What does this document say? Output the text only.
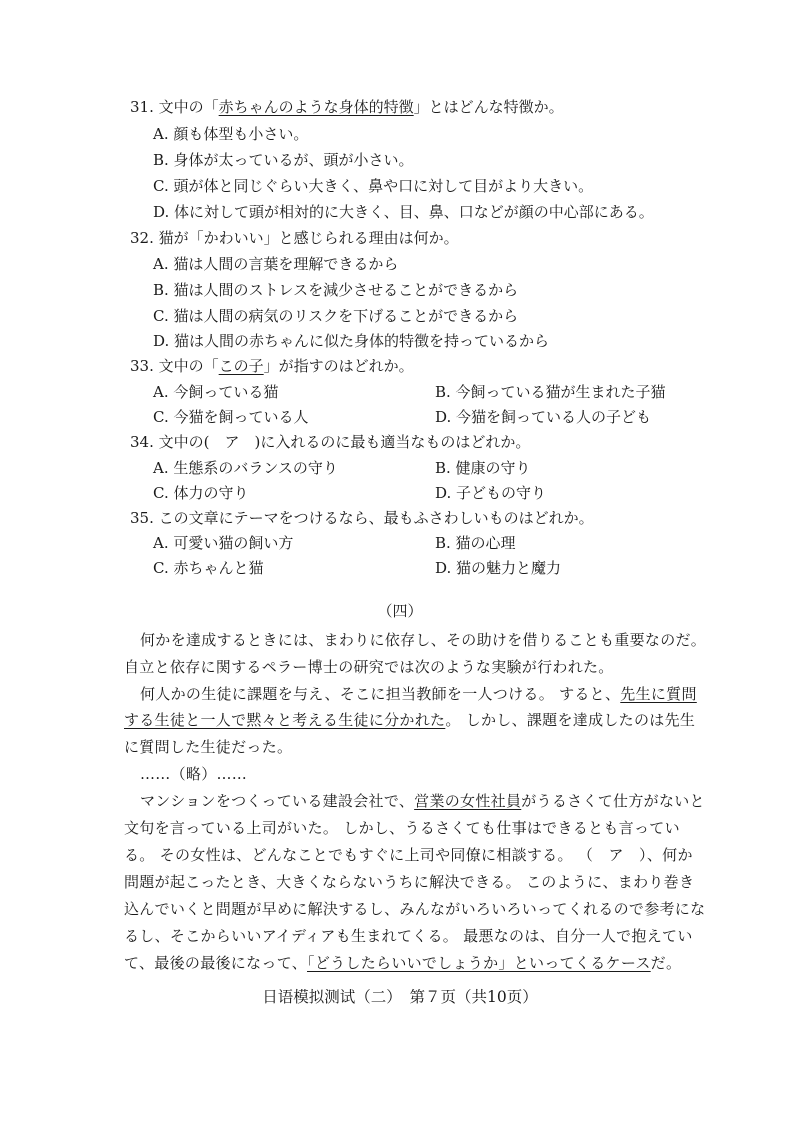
31. 文中の「赤ちゃんのような身体的特徴」とはどんな特徴か。
A. 顔も体型も小さい。
B. 身体が太っているが、頭が小さい。
C. 頭が体と同じぐらい大きく、鼻や口に対して目がより大きい。
D. 体に対して頭が相対的に大きく、目、鼻、口などが顔の中心部にある。
32. 猫が「かわいい」と感じられる理由は何か。
A. 猫は人間の言葉を理解できるから
B. 猫は人間のストレスを減少させることができるから
C. 猫は人間の病気のリスクを下げることができるから
D. 猫は人間の赤ちゃんに似た身体的特徴を持っているから
33. 文中の「この子」が指すのはどれか。
A. 今飼っている猫	B. 今飼っている猫が生まれた子猫
C. 今猫を飼っている人	D. 今猫を飼っている人の子ども
34. 文中の(　ア　)に入れるのに最も適当なものはどれか。
A. 生態系のバランスの守り	B. 健康の守り
C. 体力の守り	D. 子どもの守り
35. この文章にテーマをつけるなら、最もふさわしいものはどれか。
A. 可愛い猫の飼い方	B. 猫の心理
C. 赤ちゃんと猫	D. 猫の魅力と魔力
（四）
何かを達成するときには、まわりに依存し、その助けを借りることも重要なのだ。
自立と依存に関するペラー博士の研究では次のような実験が行われた。
何人かの生徒に課題を与え、そこに担当教師を一人つける。 すると、先生に質問
する生徒と一人で黙々と考える生徒に分かれた。 しかし、課題を達成したのは先生
に質問した生徒だった。
……（略）……
マンションをつくっている建設会社で、営業の女性社員がうるさくて仕方がないと
文句を言っている上司がいた。 しかし、うるさくても仕事はできるとも言ってい
る。 その女性は、どんなことでもすぐに上司や同僚に相談する。 （　ア　）、何か
問題が起こったとき、大きくならないうちに解決できる。 このように、まわり巻き
込んでいくと問題が早めに解決するし、みんながいろいろいってくれるので参考にな
るし、そこからいいアイディアも生まれてくる。 最悪なのは、自分一人で抱えてい
て、最後の最後になって、「どうしたらいいでしょうか」といってくるケースだ。
日语模拟测试（二）　第７页（共10页）
